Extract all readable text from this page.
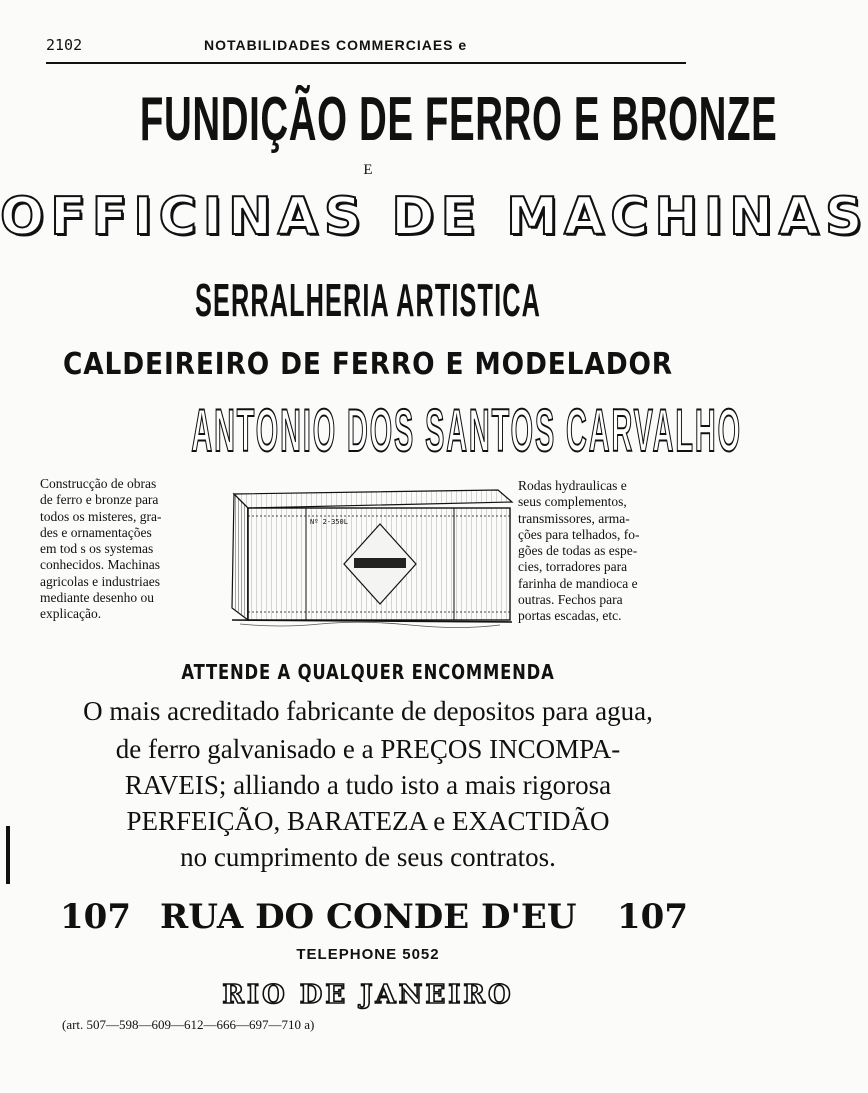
2102	NOTABILIDADES COMMERCIAES e
FUNDIÇÃO DE FERRO E BRONZE
E
OFFICINAS DE MACHINAS
SERRALHERIA ARTISTICA
CALDEIREIRO DE FERRO E MODELADOR
ANTONIO DOS SANTOS CARVALHO
Construcção de obras
de ferro e bronze para
todos os misteres, gra-
des e ornamentações
em tod s os systemas
conhecidos. Machinas
agricolas e industriaes
mediante desenho ou
explicação.
Nº 2-350L
Rodas hydraulicas e
seus complementos,
transmissores, arma-
ções para telhados, fo-
gões de todas as espe-
cies, torradores para
farinha de mandioca e
outras. Fechos para
portas escadas, etc.
ATTENDE A QUALQUER ENCOMMENDA
O mais acreditado fabricante de depositos para agua,
de ferro galvanisado e a PREÇOS INCOMPA-
RAVEIS; alliando a tudo isto a mais rigorosa
PERFEIÇÃO, BARATEZA e EXACTIDÃO
no cumprimento de seus contratos.
107 RUA DO CONDE D'EU 107
TELEPHONE 5052
RIO DE JANEIRO
(art. 507—598—609—612—666—697—710 a)
